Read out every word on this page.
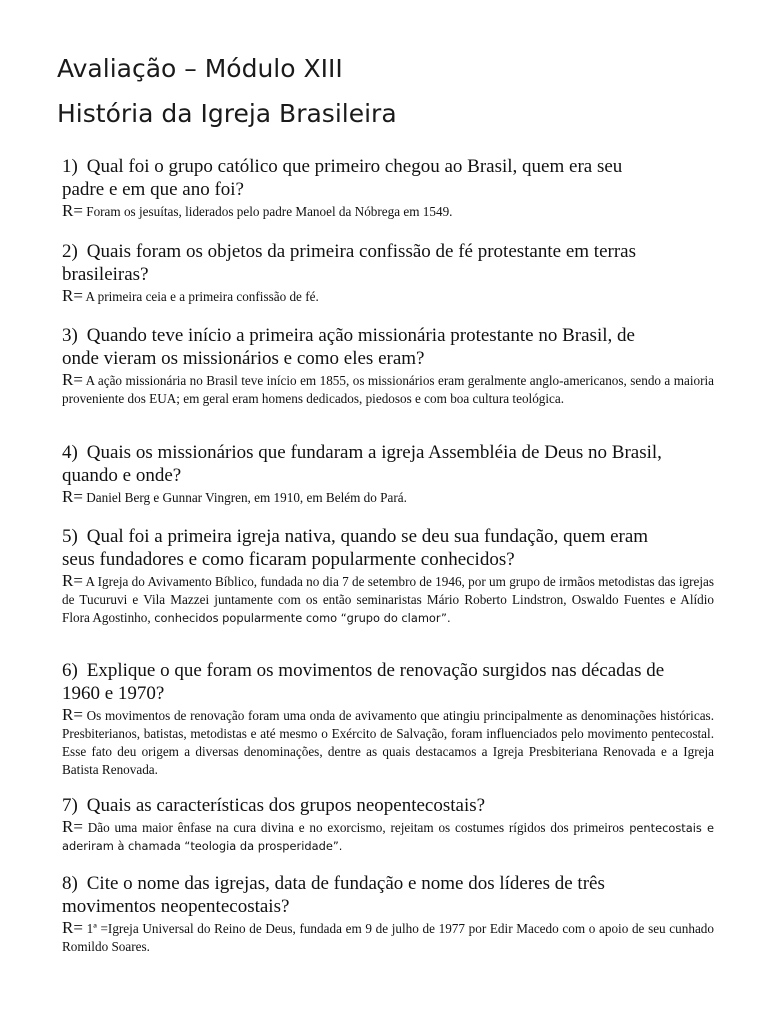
Avaliação – Módulo XIII
História da Igreja Brasileira

1) Qual foi o grupo católico que primeiro chegou ao Brasil, quem era seu

padre e em que ano foi?

R= Foram os jesuítas, liderados pelo padre Manoel da Nóbrega em 1549.

2) Quais foram os objetos da primeira confissão de fé protestante em terras

brasileiras?

R= A primeira ceia e a primeira confissão de fé.

3) Quando teve início a primeira ação missionária protestante no Brasil, de

onde vieram os missionários e como eles eram?

R= A ação missionária no Brasil teve início em 1855, os missionários eram geralmente anglo-americanos, sendo a maioria proveniente dos EUA; em geral eram homens dedicados, piedosos e com boa cultura teológica.

4) Quais os missionários que fundaram a igreja Assembléia de Deus no Brasil,

quando e onde?

R= Daniel Berg e Gunnar Vingren, em 1910, em Belém do Pará.

5) Qual foi a primeira igreja nativa, quando se deu sua fundação, quem eram

seus fundadores e como ficaram popularmente conhecidos?

R= A Igreja do Avivamento Bíblico, fundada no dia 7 de setembro de 1946, por um grupo de irmãos metodistas das igrejas de Tucuruvi e Vila Mazzei juntamente com os então seminaristas Mário Roberto Lindstron, Oswaldo Fuentes e Alídio Flora Agostinho, conhecidos popularmente como “grupo do clamor”.

6) Explique o que foram os movimentos de renovação surgidos nas décadas de

1960 e 1970?

R= Os movimentos de renovação foram uma onda de avivamento que atingiu principalmente as denominações históricas. Presbiterianos, batistas, metodistas e até mesmo o Exército de Salvação, foram influenciados pelo movimento pentecostal. Esse fato deu origem a diversas denominações, dentre as quais destacamos a Igreja Presbiteriana Renovada e a Igreja Batista Renovada.

7) Quais as características dos grupos neopentecostais?

R= Dão uma maior ênfase na cura divina e no exorcismo, rejeitam os costumes rígidos dos primeiros pentecostais e aderiram à chamada “teologia da prosperidade”.

8) Cite o nome das igrejas, data de fundação e nome dos líderes de três

movimentos neopentecostais?

R= 1ª =Igreja Universal do Reino de Deus, fundada em 9 de julho de 1977 por Edir Macedo com o apoio de seu cunhado Romildo Soares.
